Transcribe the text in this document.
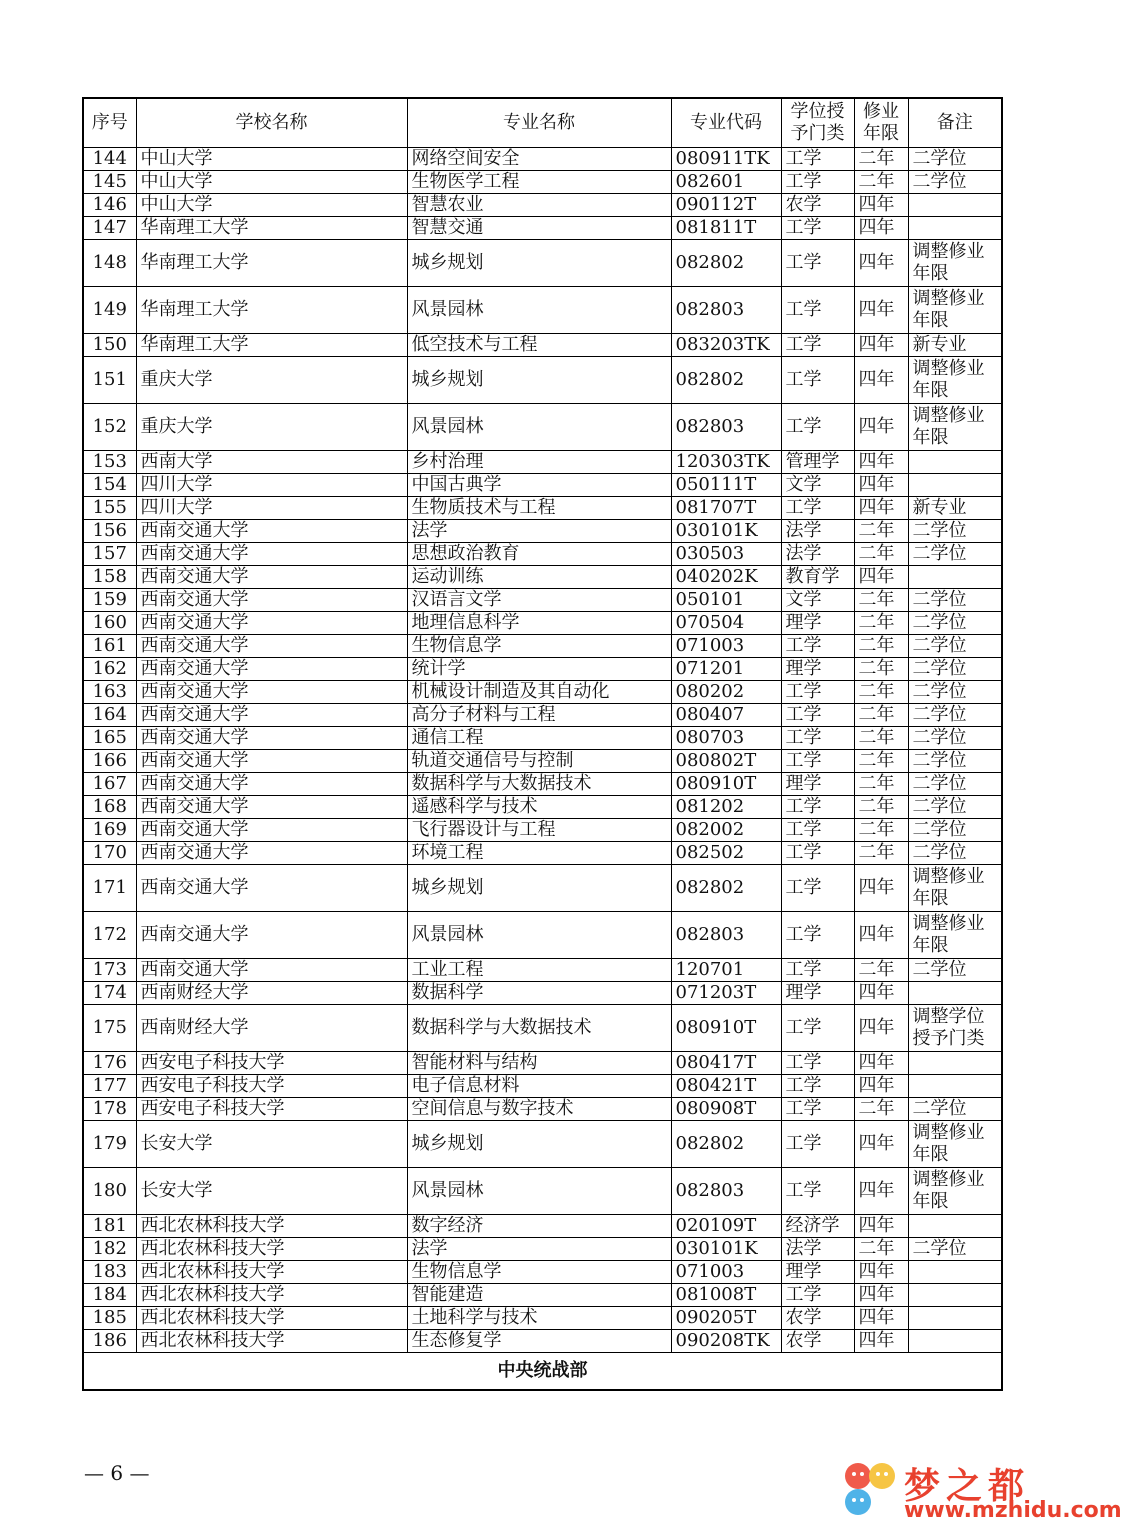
序号	学校名称	专业名称	专业代码	学位授予门类	修业年限	备注
144	中山大学	网络空间安全	080911TK	工学	二年	二学位
145	中山大学	生物医学工程	082601	工学	二年	二学位
146	中山大学	智慧农业	090112T	农学	四年	
147	华南理工大学	智慧交通	081811T	工学	四年	
148	华南理工大学	城乡规划	082802	工学	四年	调整修业年限
149	华南理工大学	风景园林	082803	工学	四年	调整修业年限
150	华南理工大学	低空技术与工程	083203TK	工学	四年	新专业
151	重庆大学	城乡规划	082802	工学	四年	调整修业年限
152	重庆大学	风景园林	082803	工学	四年	调整修业年限
153	西南大学	乡村治理	120303TK	管理学	四年	
154	四川大学	中国古典学	050111T	文学	四年	
155	四川大学	生物质技术与工程	081707T	工学	四年	新专业
156	西南交通大学	法学	030101K	法学	二年	二学位
157	西南交通大学	思想政治教育	030503	法学	二年	二学位
158	西南交通大学	运动训练	040202K	教育学	四年	
159	西南交通大学	汉语言文学	050101	文学	二年	二学位
160	西南交通大学	地理信息科学	070504	理学	二年	二学位
161	西南交通大学	生物信息学	071003	工学	二年	二学位
162	西南交通大学	统计学	071201	理学	二年	二学位
163	西南交通大学	机械设计制造及其自动化	080202	工学	二年	二学位
164	西南交通大学	高分子材料与工程	080407	工学	二年	二学位
165	西南交通大学	通信工程	080703	工学	二年	二学位
166	西南交通大学	轨道交通信号与控制	080802T	工学	二年	二学位
167	西南交通大学	数据科学与大数据技术	080910T	理学	二年	二学位
168	西南交通大学	遥感科学与技术	081202	工学	二年	二学位
169	西南交通大学	飞行器设计与工程	082002	工学	二年	二学位
170	西南交通大学	环境工程	082502	工学	二年	二学位
171	西南交通大学	城乡规划	082802	工学	四年	调整修业年限
172	西南交通大学	风景园林	082803	工学	四年	调整修业年限
173	西南交通大学	工业工程	120701	工学	二年	二学位
174	西南财经大学	数据科学	071203T	理学	四年	
175	西南财经大学	数据科学与大数据技术	080910T	工学	四年	调整学位授予门类
176	西安电子科技大学	智能材料与结构	080417T	工学	四年	
177	西安电子科技大学	电子信息材料	080421T	工学	四年	
178	西安电子科技大学	空间信息与数字技术	080908T	工学	二年	二学位
179	长安大学	城乡规划	082802	工学	四年	调整修业年限
180	长安大学	风景园林	082803	工学	四年	调整修业年限
181	西北农林科技大学	数字经济	020109T	经济学	四年	
182	西北农林科技大学	法学	030101K	法学	二年	二学位
183	西北农林科技大学	生物信息学	071003	理学	四年	
184	西北农林科技大学	智能建造	081008T	工学	四年	
185	西北农林科技大学	土地科学与技术	090205T	农学	四年	
186	西北农林科技大学	生态修复学	090208TK	农学	四年	
中央统战部						
— 6 —	梦之都
www.mzhidu.com
